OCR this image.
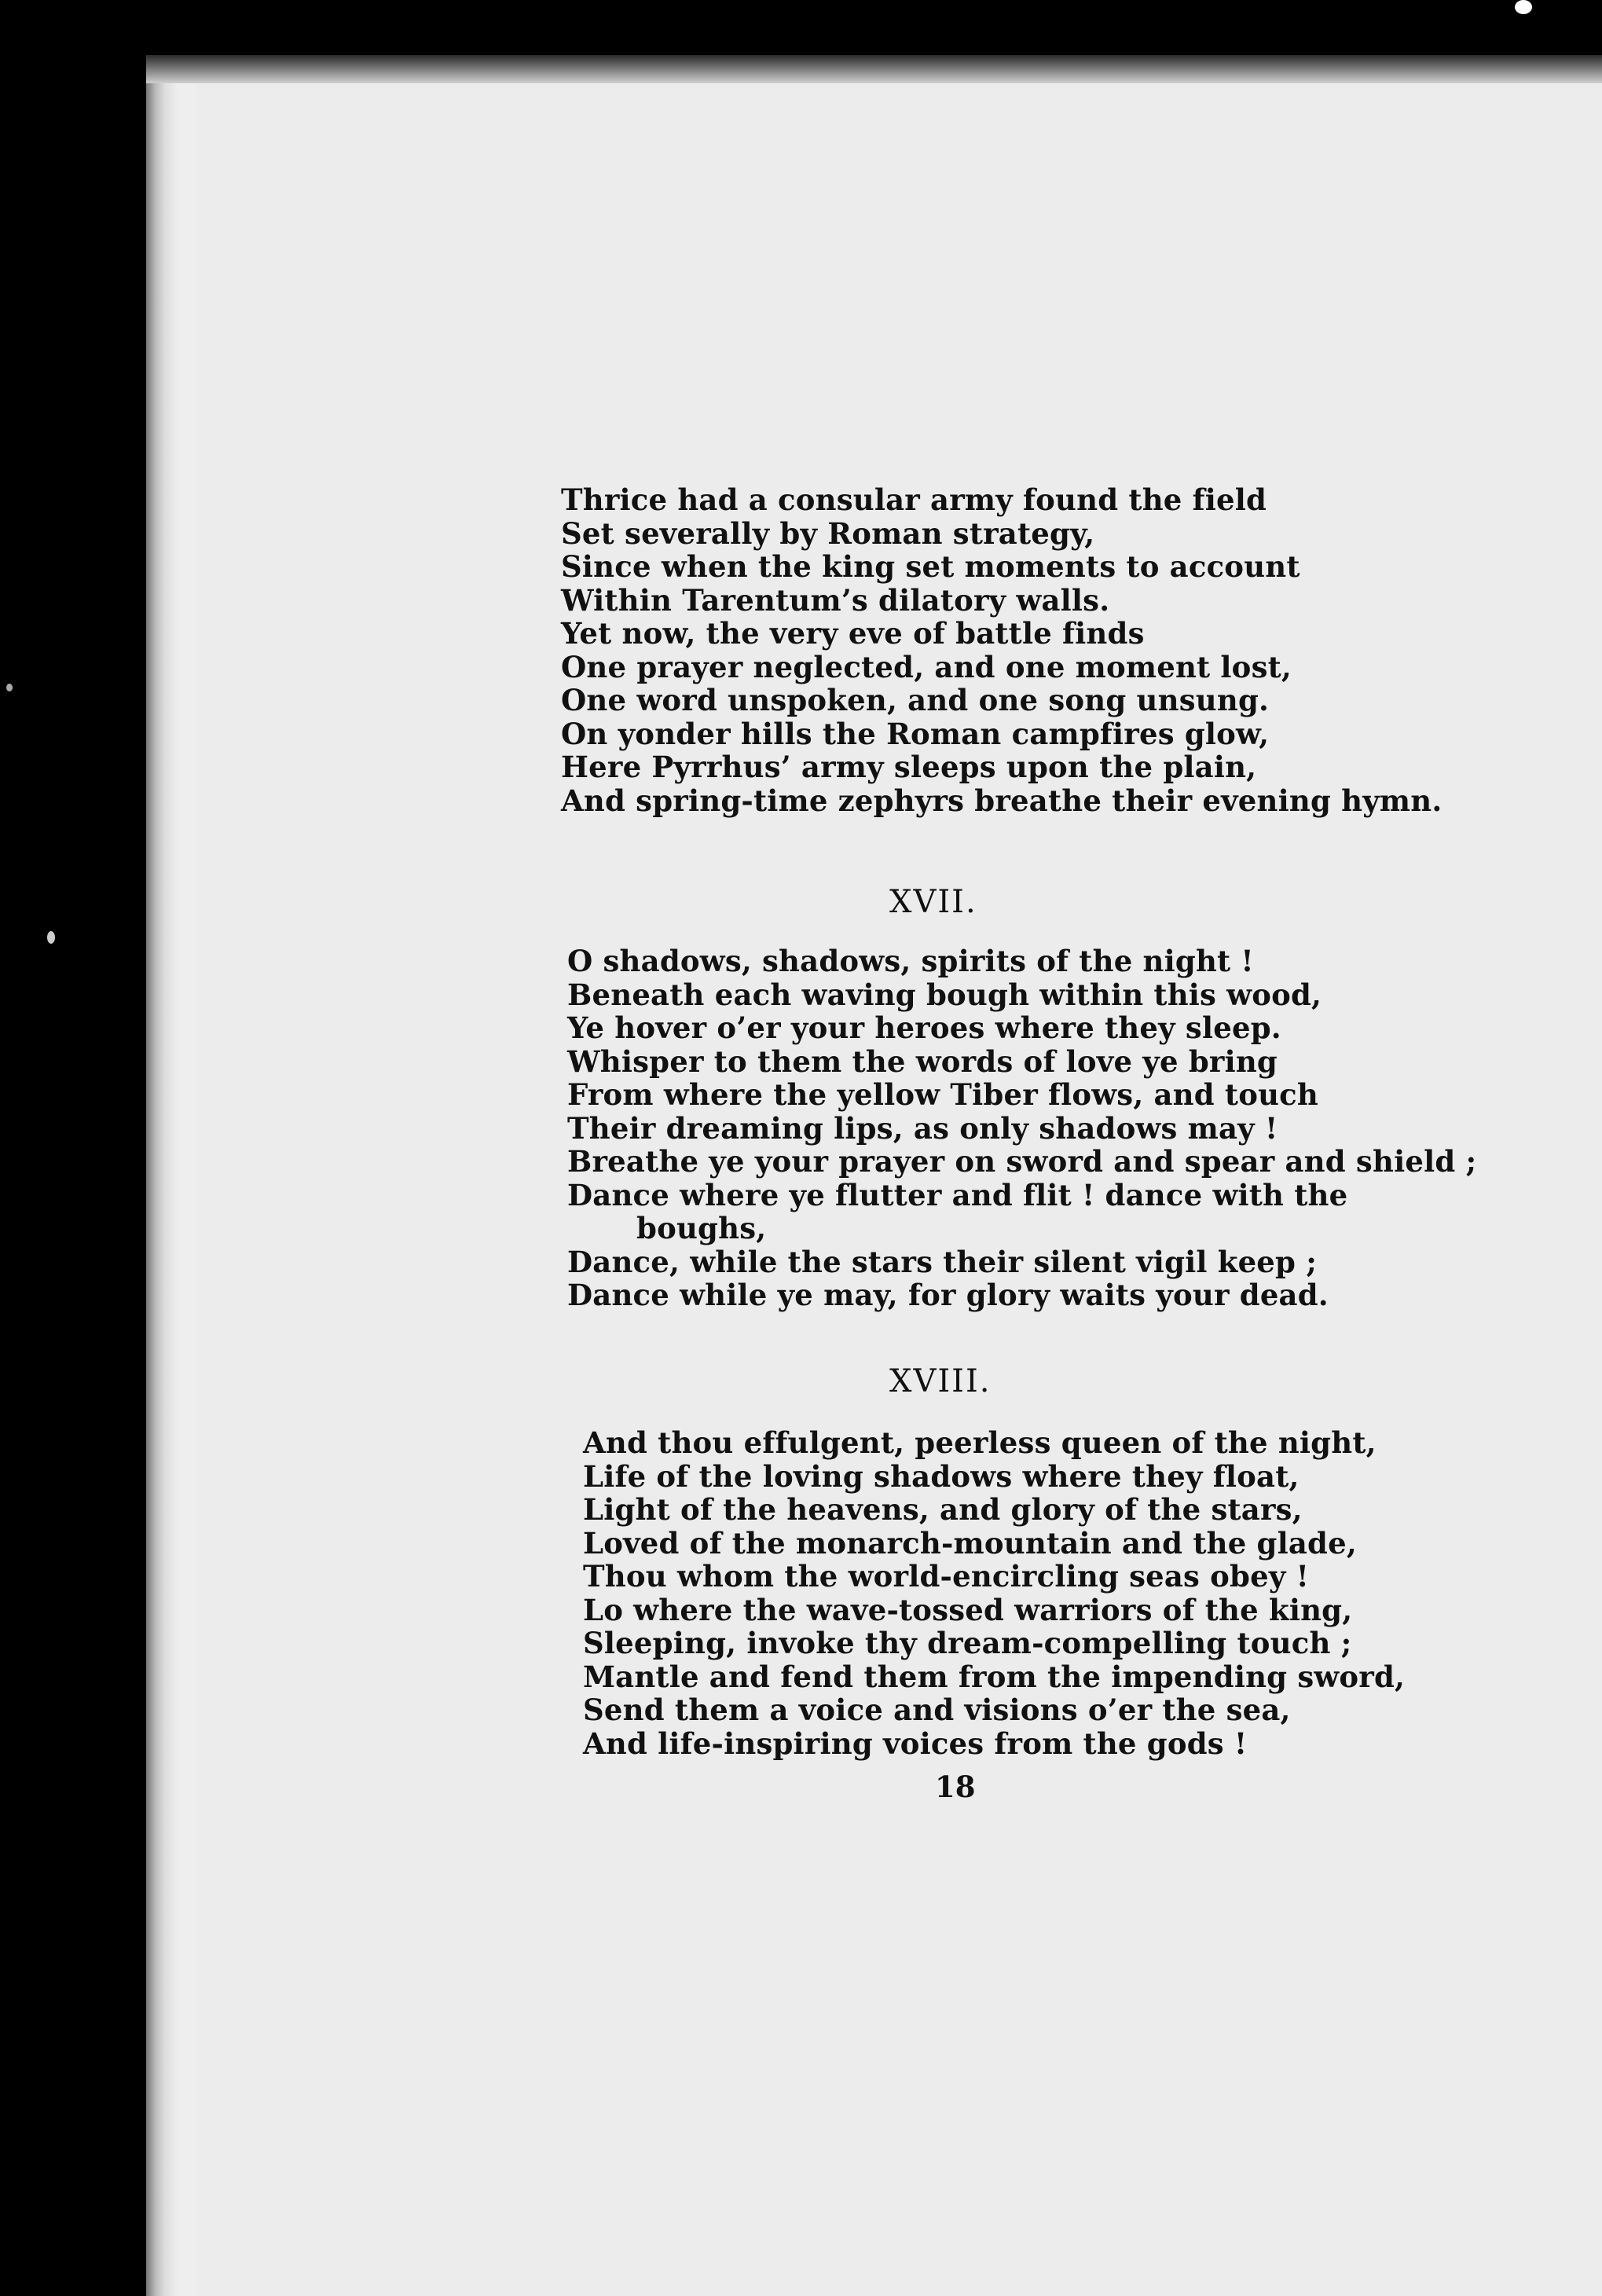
Thrice had a consular army found the field
Set severally by Roman strategy,
Since when the king set moments to account
Within Tarentum’s dilatory walls.
Yet now, the very eve of battle finds
One prayer neglected, and one moment lost,
One word unspoken, and one song unsung.
On yonder hills the Roman campfires glow,
Here Pyrrhus’ army sleeps upon the plain,
And spring-time zephyrs breathe their evening hymn.
XVII.
O shadows, shadows, spirits of the night !
Beneath each waving bough within this wood,
Ye hover o’er your heroes where they sleep.
Whisper to them the words of love ye bring
From where the yellow Tiber flows, and touch
Their dreaming lips, as only shadows may !
Breathe ye your prayer on sword and spear and shield ;
Dance where ye flutter and flit ! dance with the
boughs,
Dance, while the stars their silent vigil keep ;
Dance while ye may, for glory waits your dead.
XVIII.
And thou effulgent, peerless queen of the night,
Life of the loving shadows where they float,
Light of the heavens, and glory of the stars,
Loved of the monarch-mountain and the glade,
Thou whom the world-encircling seas obey !
Lo where the wave-tossed warriors of the king,
Sleeping, invoke thy dream-compelling touch ;
Mantle and fend them from the impending sword,
Send them a voice and visions o’er the sea,
And life-inspiring voices from the gods !
18
